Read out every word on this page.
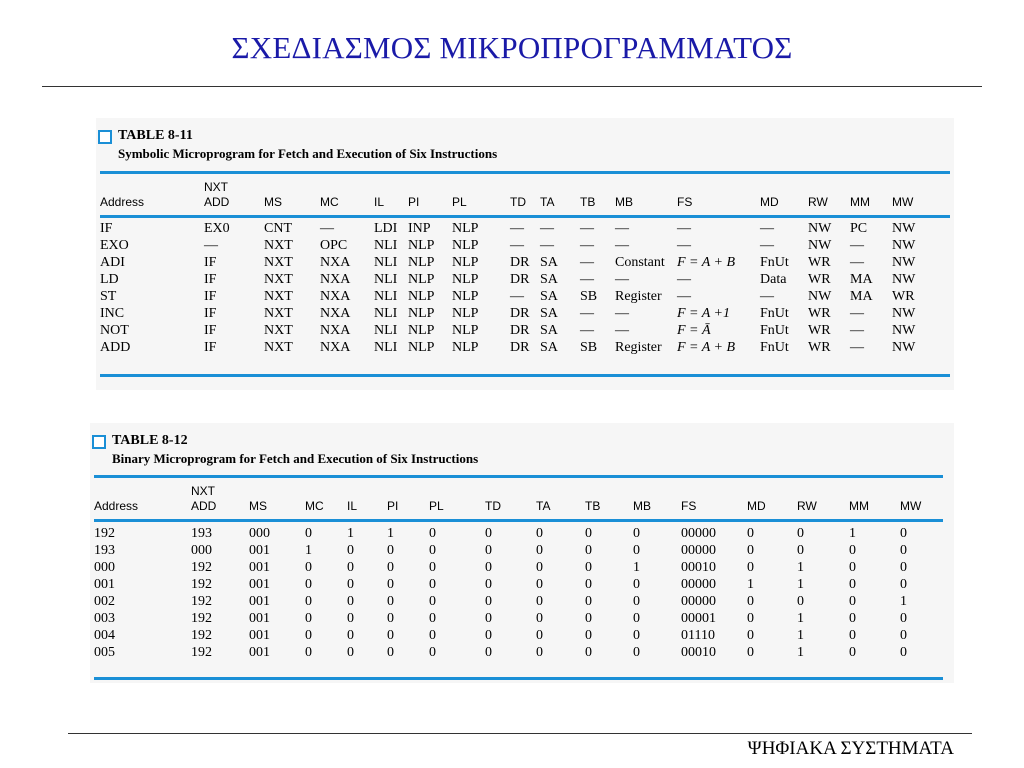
ΣΧΕΔΙΑΣΜΟΣ ΜΙΚΡΟΠΡΟΓΡΑΜΜΑΤΟΣ
TABLE 8-11
Symbolic Microprogram for Fetch and Execution of Six Instructions
Address	NXT
ADD	MS	MC	IL	PI	PL	TD	TA	TB	MB	FS	MD	RW	MM	MW

IF	EX0	CNT	—	LDI	INP	NLP	—	—	—	—	—	—	NW	PC	NW
EXO	—	NXT	OPC	NLI	NLP	NLP	—	—	—	—	—	—	NW	—	NW
ADI	IF	NXT	NXA	NLI	NLP	NLP	DR	SA	—	Constant	F = A + B	FnUt	WR	—	NW
LD	IF	NXT	NXA	NLI	NLP	NLP	DR	SA	—	—	—	Data	WR	MA	NW
ST	IF	NXT	NXA	NLI	NLP	NLP	—	SA	SB	Register	—	—	NW	MA	WR
INC	IF	NXT	NXA	NLI	NLP	NLP	DR	SA	—	—	F = A +1	FnUt	WR	—	NW
NOT	IF	NXT	NXA	NLI	NLP	NLP	DR	SA	—	—	F = Ā	FnUt	WR	—	NW
ADD	IF	NXT	NXA	NLI	NLP	NLP	DR	SA	SB	Register	F = A + B	FnUt	WR	—	NW
TABLE 8-12
Binary Microprogram for Fetch and Execution of Six Instructions
Address	NXT
ADD	MS	MC	IL	PI	PL	TD	TA	TB	MB	FS	MD	RW	MM	MW

192	193	000	0	1	1	0	0	0	0	0	00000	0	0	1	0
193	000	001	1	0	0	0	0	0	0	0	00000	0	0	0	0
000	192	001	0	0	0	0	0	0	0	1	00010	0	1	0	0
001	192	001	0	0	0	0	0	0	0	0	00000	1	1	0	0
002	192	001	0	0	0	0	0	0	0	0	00000	0	0	0	1
003	192	001	0	0	0	0	0	0	0	0	00001	0	1	0	0
004	192	001	0	0	0	0	0	0	0	0	01110	0	1	0	0
005	192	001	0	0	0	0	0	0	0	0	00010	0	1	0	0
ΨΗΦΙΑΚΑ ΣΥΣΤΗΜΑΤΑ
